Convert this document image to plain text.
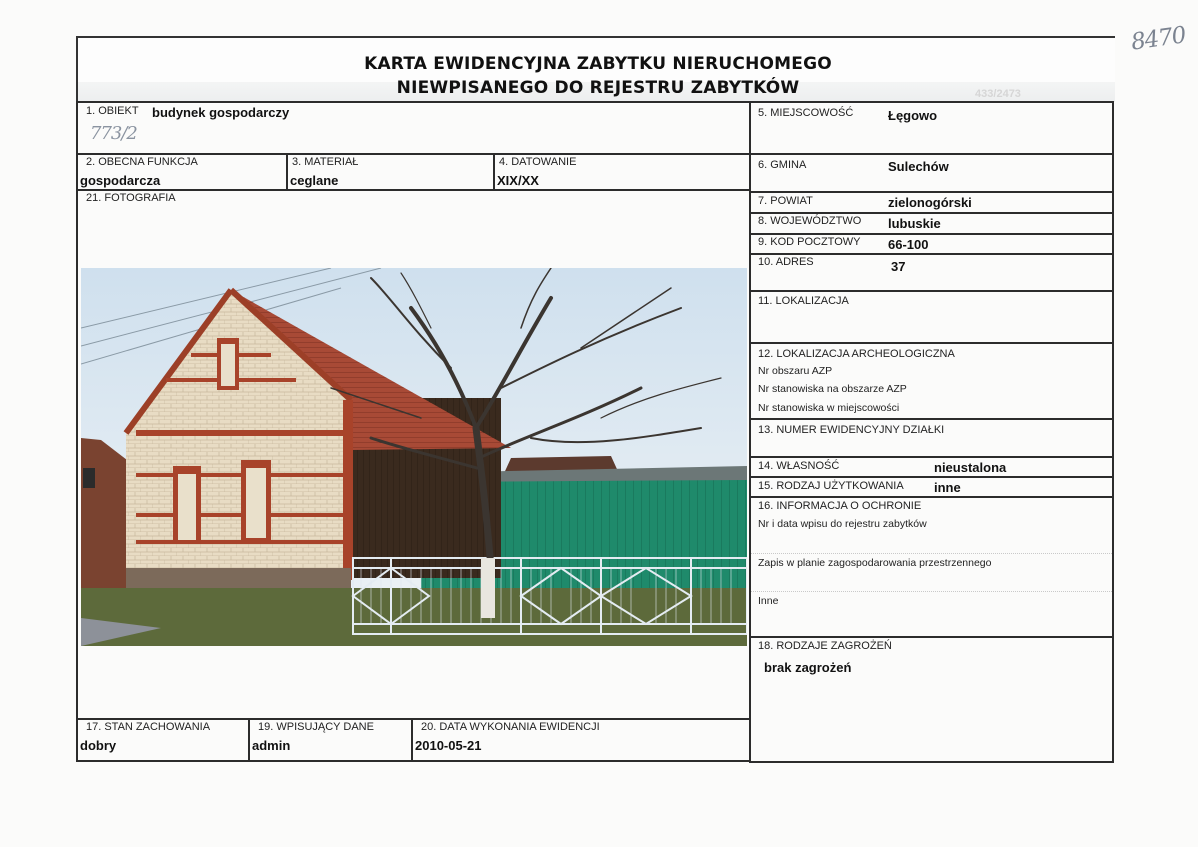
KARTA EWIDENCYJNA ZABYTKU NIERUCHOMEGO
NIEWPISANEGO DO REJESTRU ZABYTKÓW	433/2473
8470
1. OBIEKT budynek gospodarczy
773/2
2. OBECNA FUNKCJA
gospodarcza
3. MATERIAŁ
ceglane
4. DATOWANIE
XIX/XX
21. FOTOGRAFIA
17. STAN ZACHOWANIA
dobry
19. WPISUJĄCY DANE
admin
20. DATA WYKONANIA EWIDENCJI
2010-05-21
5. MIEJSCOWOŚĆ	Łęgowo
6. GMINA	Sulechów
7. POWIAT	zielonogórski
8. WOJEWÓDZTWO lubuskie
9. KOD POCZTOWY 66-100
10. ADRES	37
11. LOKALIZACJA
12. LOKALIZACJA ARCHEOLOGICZNA
Nr obszaru AZP
Nr stanowiska na obszarze AZP
Nr stanowiska w miejscowości
13. NUMER EWIDENCYJNY DZIAŁKI
14. WŁASNOŚĆ	nieustalona
15. RODZAJ UŻYTKOWANIA inne
16. INFORMACJA O OCHRONIE
Nr i data wpisu do rejestru zabytków
Zapis w planie zagospodarowania przestrzennego
Inne
18. RODZAJE ZAGROŻEŃ
brak zagrożeń
